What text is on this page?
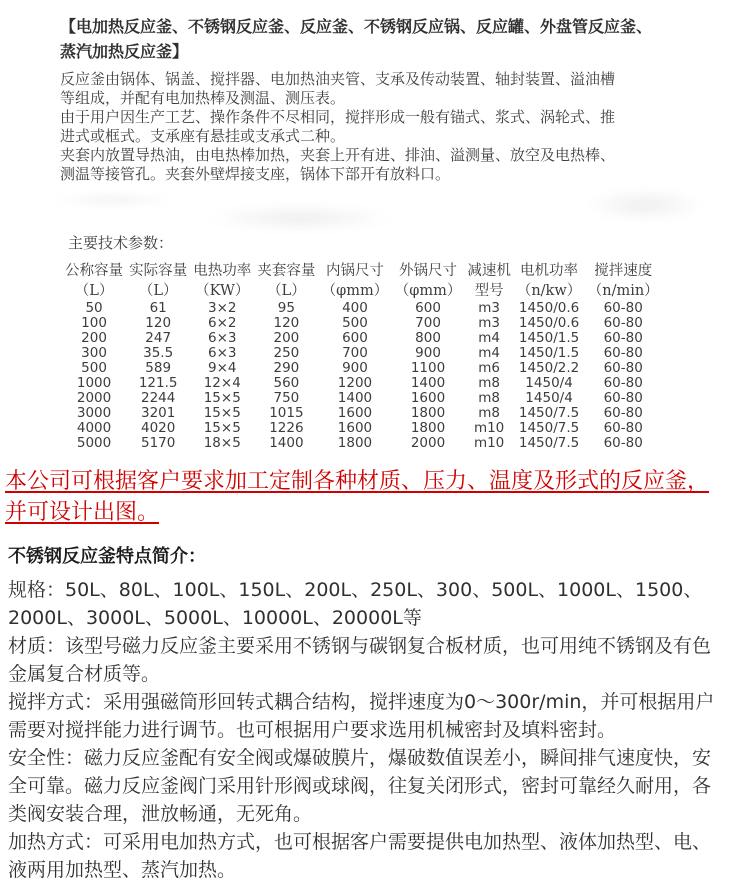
【电加热反应釜、不锈钢反应釜、反应釜、不锈钢反应锅、反应罐、外盘管反应釜、蒸汽加热反应釜】

反应釜由锅体、锅盖、搅拌器、电加热油夹管、支承及传动装置、轴封装置、溢油槽等组成，并配有电加热棒及测温、测压表。

由于用户因生产工艺、操作条件不尽相同，搅拌形成一般有锚式、浆式、涡轮式、推进式或框式。支承座有悬挂或支承式二种。

夹套内放置导热油，由电热棒加热，夹套上开有进、排油、溢测量、放空及电热棒、测温等接管孔。夹套外壁焊接支座，锅体下部开有放料口。

主要技术参数：
公称容量	实际容量	电热功率	夹套容量	内锅尺寸	外锅尺寸	减速机	电机功率	搅拌速度
（L）	（L）	（KW）	（L）	（φmm）	（φmm）	型号	（n/kw）	（n/min）
50	61	3×2	95	400	600	m3	1450/0.6	60-80
100	120	6×2	120	500	700	m3	1450/0.6	60-80
200	247	6×3	200	600	800	m4	1450/1.5	60-80
300	35.5	6×3	250	700	900	m4	1450/1.5	60-80
500	589	9×4	290	900	1100	m6	1450/2.2	60-80
1000	121.5	12×4	560	1200	1400	m8	1450/4	60-80
2000	2244	15×5	750	1400	1600	m8	1450/4	60-80
3000	3201	15×5	1015	1600	1800	m8	1450/7.5	60-80
4000	4020	15×5	1226	1600	1800	m10	1450/7.5	60-80
5000	5170	18×5	1400	1800	2000	m10	1450/7.5	60-80
本公司可根据客户要求加工定制各种材质、压力、温度及形式的反应釜，并可设计出图。
不锈钢反应釜特点简介：

规格：50L、80L、100L、150L、200L、250L、300、500L、1000L、1500、2000L、3000L、5000L、10000L、20000L等

材质：该型号磁力反应釜主要采用不锈钢与碳钢复合板材质，也可用纯不锈钢及有色金属复合材质等。

搅拌方式：采用强磁筒形回转式耦合结构，搅拌速度为0～300r/min，并可根据用户需要对搅拌能力进行调节。也可根据用户要求选用机械密封及填料密封。

安全性：磁力反应釜配有安全阀或爆破膜片，爆破数值误差小，瞬间排气速度快，安全可靠。磁力反应釜阀门采用针形阀或球阀，往复关闭形式，密封可靠经久耐用，各类阀安装合理，泄放畅通，无死角。

加热方式：可采用电加热方式，也可根据客户需要提供电加热型、液体加热型、电、液两用加热型、蒸汽加热。
